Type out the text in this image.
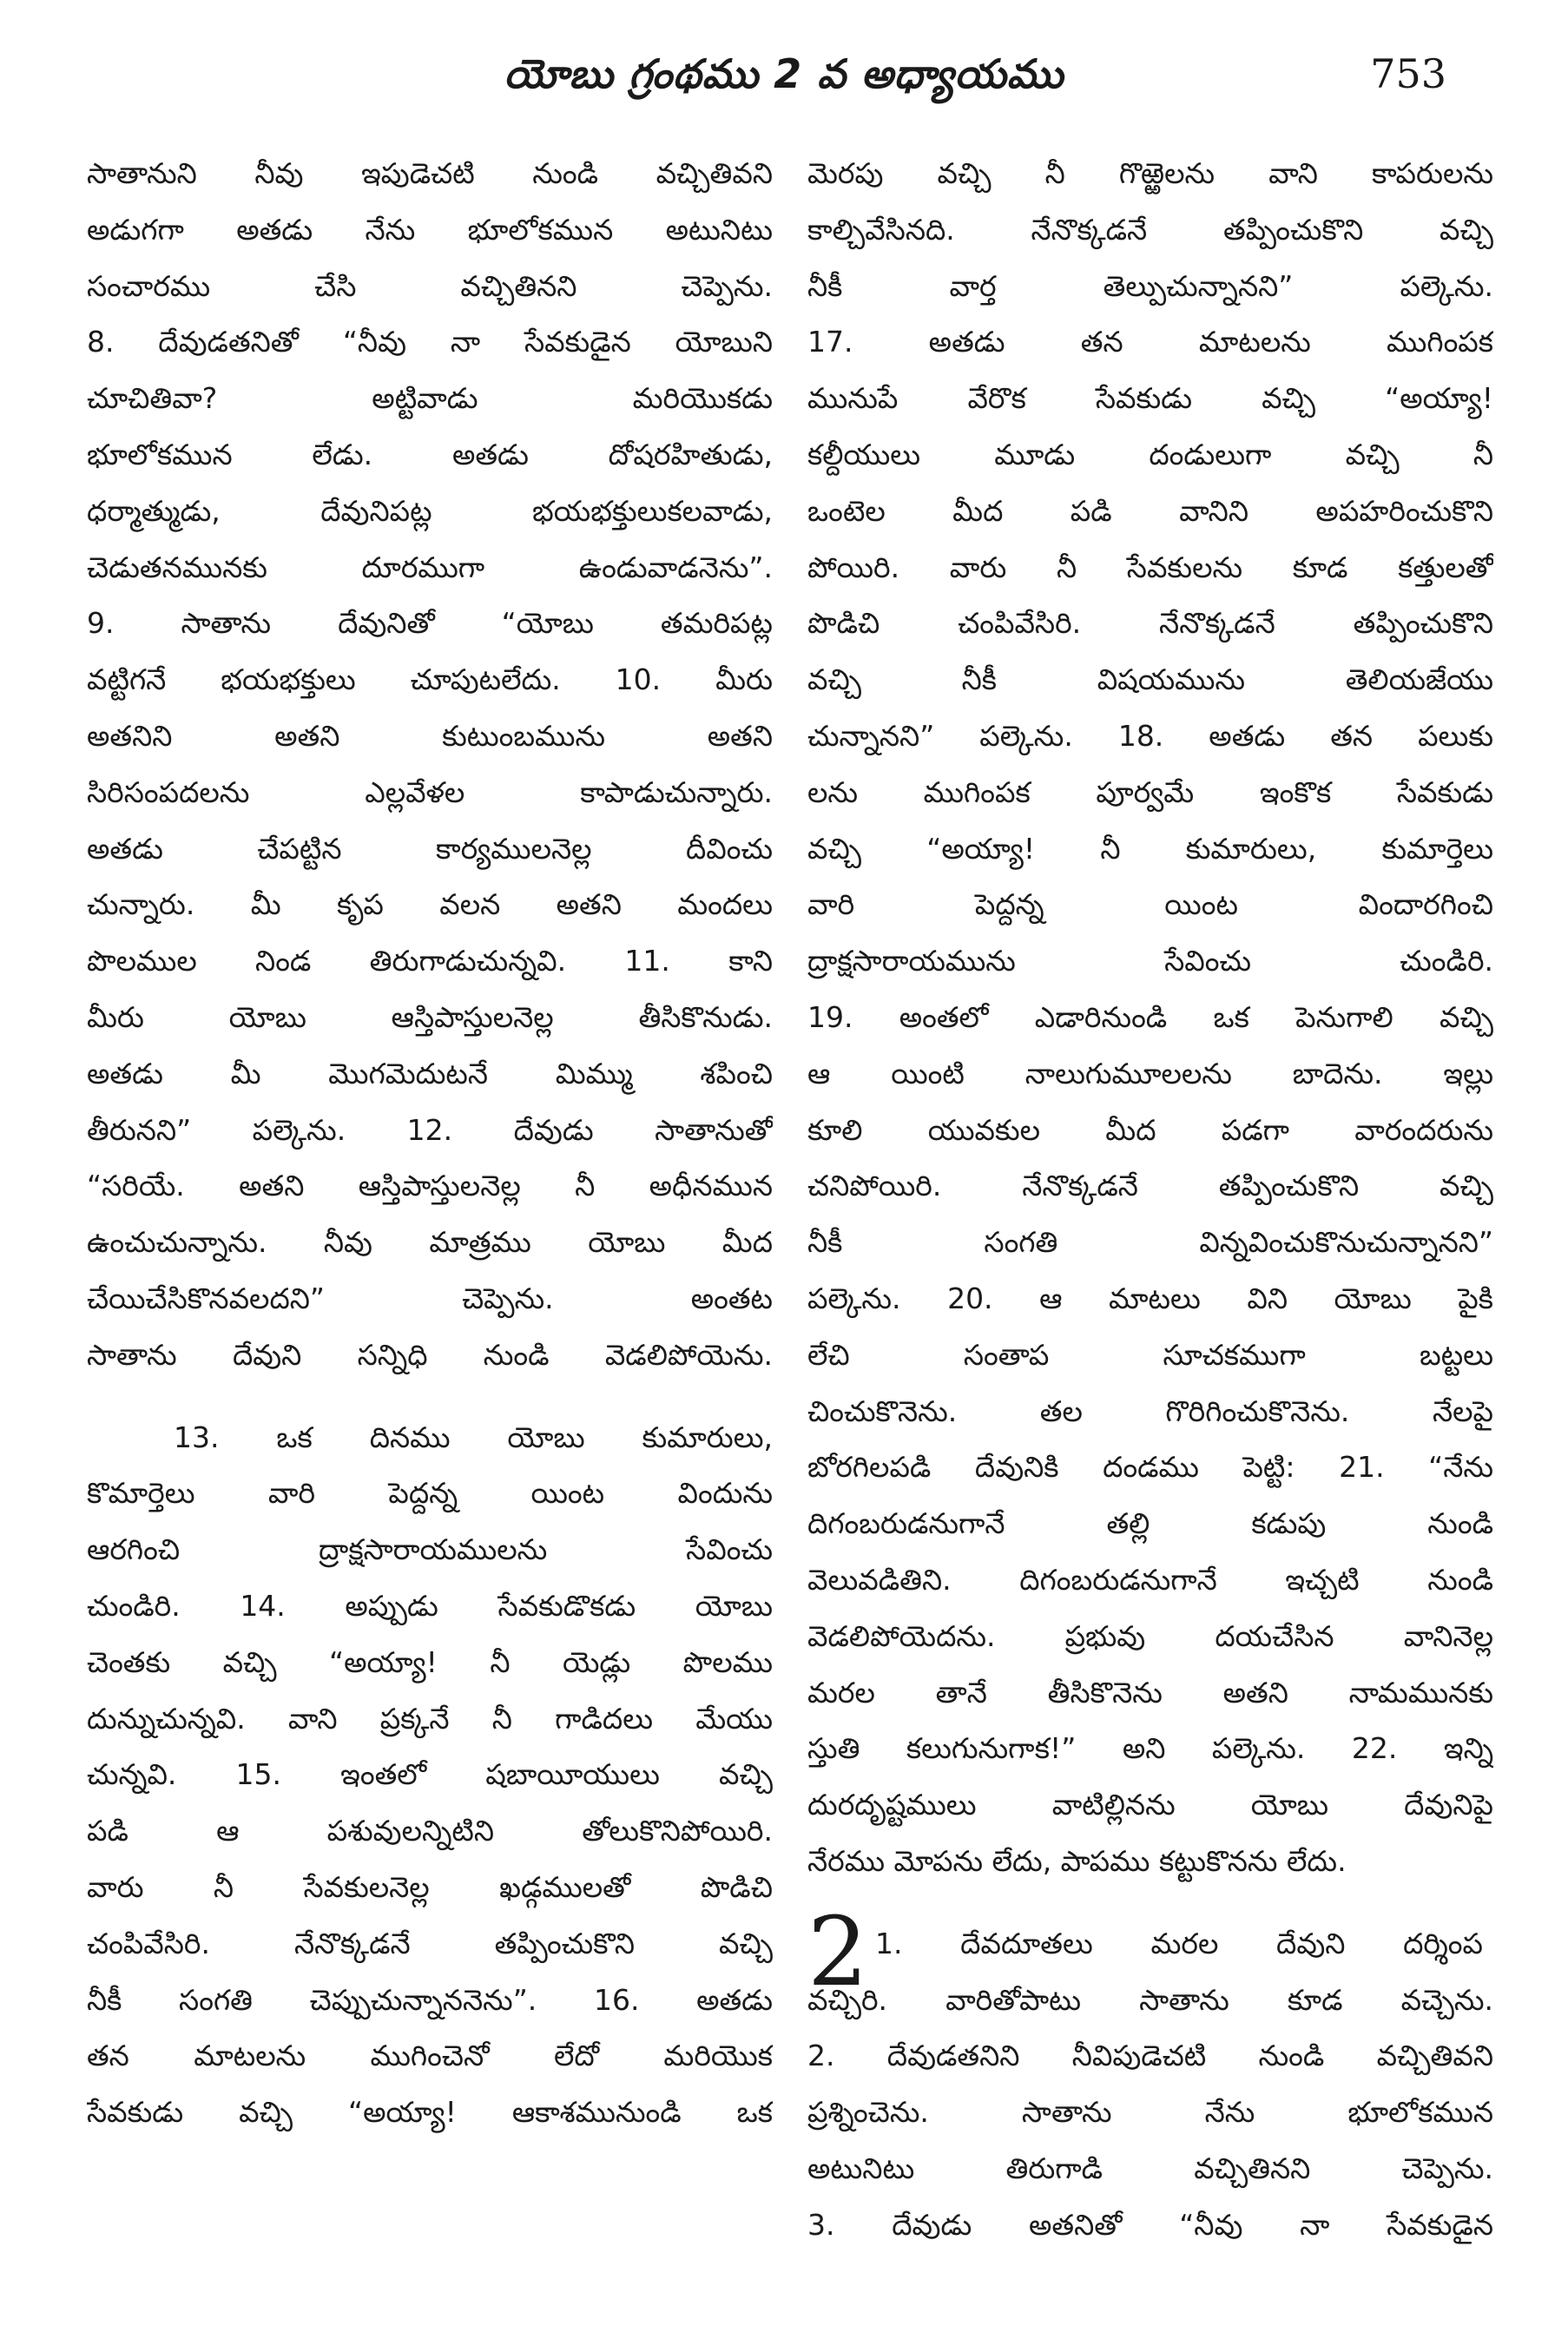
యోబు గ్రంథము 2 వ అధ్యాయము	753
సాతానుని నీవు ఇపుడెచటి నుండి వచ్చితివని
అడుగగా అతడు నేను భూలోకమున అటునిటు
సంచారము చేసి వచ్చితినని చెప్పెను.
8. దేవుడతనితో “నీవు నా సేవకుడైన యోబుని
చూచితివా? అట్టివాడు మరియొకడు
భూలోకమున లేడు. అతడు దోషరహితుడు,
ధర్మాత్ముడు, దేవునిపట్ల భయభక్తులుకలవాడు,
చెడుతనమునకు దూరముగా ఉండువాడనెను”.
9. సాతాను దేవునితో “యోబు తమరిపట్ల
వట్టిగనే భయభక్తులు చూపుటలేదు. 10. మీరు
అతనిని అతని కుటుంబమును అతని
సిరిసంపదలను ఎల్లవేళల కాపాడుచున్నారు.
అతడు చేపట్టిన కార్యములనెల్ల దీవించు
చున్నారు. మీ కృప వలన అతని మందలు
పొలముల నిండ తిరుగాడుచున్నవి. 11. కాని
మీరు యోబు ఆస్తిపాస్తులనెల్ల తీసికొనుడు.
అతడు మీ మొగమెదుటనే మిమ్ము శపించి
తీరునని” పల్కెను. 12. దేవుడు సాతానుతో
“సరియే. అతని ఆస్తిపాస్తులనెల్ల నీ అధీనమున
ఉంచుచున్నాను. నీవు మాత్రము యోబు మీద
చేయిచేసికొనవలదని” చెప్పెను. అంతట
సాతాను దేవుని సన్నిధి నుండి వెడలిపోయెను.
13. ఒక దినము యోబు కుమారులు,
కొమార్తెలు వారి పెద్దన్న యింట విందును
ఆరగించి ద్రాక్షసారాయములను సేవించు
చుండిరి. 14. అప్పుడు సేవకుడొకడు యోబు
చెంతకు వచ్చి “అయ్యా! నీ యెడ్లు పొలము
దున్నుచున్నవి. వాని ప్రక్కనే నీ గాడిదలు మేయు
చున్నవి. 15. ఇంతలో షబాయీయులు వచ్చి
పడి ఆ పశువులన్నిటిని తోలుకొనిపోయిరి.
వారు నీ సేవకులనెల్ల ఖడ్గములతో పొడిచి
చంపివేసిరి. నేనొక్కడనే తప్పించుకొని వచ్చి
నీకీ సంగతి చెప్పుచున్నాననెను”. 16. అతడు
తన మాటలను ముగించెనో లేదో మరియొక
సేవకుడు వచ్చి “అయ్యా! ఆకాశమునుండి ఒక
మెరపు వచ్చి నీ గొఱ్ఱెలను వాని కాపరులను
కాల్చివేసినది. నేనొక్కడనే తప్పించుకొని వచ్చి
నీకీ వార్త తెల్పుచున్నానని” పల్కెను.
17. అతడు తన మాటలను ముగింపక
మునుపే వేరొక సేవకుడు వచ్చి “అయ్యా!
కల్దీయులు మూడు దండులుగా వచ్చి నీ
ఒంటెల మీద పడి వానిని అపహరించుకొని
పోయిరి. వారు నీ సేవకులను కూడ కత్తులతో
పొడిచి చంపివేసిరి. నేనొక్కడనే తప్పించుకొని
వచ్చి నీకీ విషయమును తెలియజేయు
చున్నానని” పల్కెను. 18. అతడు తన పలుకు
లను ముగింపక పూర్వమే ఇంకొక సేవకుడు
వచ్చి “అయ్యా! నీ కుమారులు, కుమార్తెలు
వారి పెద్దన్న యింట విందారగించి
ద్రాక్షసారాయమును సేవించు చుండిరి.
19. అంతలో ఎడారినుండి ఒక పెనుగాలి వచ్చి
ఆ యింటి నాలుగుమూలలను బాదెను. ఇల్లు
కూలి యువకుల మీద పడగా వారందరును
చనిపోయిరి. నేనొక్కడనే తప్పించుకొని వచ్చి
నీకీ సంగతి విన్నవించుకొనుచున్నానని”
పల్కెను. 20. ఆ మాటలు విని యోబు పైకి
లేచి సంతాప సూచకముగా బట్టలు
చించుకొనెను. తల గొరిగించుకొనెను. నేలపై
బోరగిలపడి దేవునికి దండము పెట్టి: 21. “నేను
దిగంబరుడనుగానే తల్లి కడుపు నుండి
వెలువడితిని. దిగంబరుడనుగానే ఇచ్చటి నుండి
వెడలిపోయెదను. ప్రభువు దయచేసిన వానినెల్ల
మరల తానే తీసికొనెను అతని నామమునకు
స్తుతి కలుగునుగాక!” అని పల్కెను. 22. ఇన్ని
దురదృష్టములు వాటిల్లినను యోబు దేవునిపై
నేరము మోపను లేదు, పాపము కట్టుకొనను లేదు.
2 1. దేవదూతలు మరల దేవుని దర్శింప
వచ్చిరి. వారితోపాటు సాతాను కూడ వచ్చెను.
2. దేవుడతనిని నీవిపుడెచటి నుండి వచ్చితివని
ప్రశ్నించెను. సాతాను నేను భూలోకమున
అటునిటు తిరుగాడి వచ్చితినని చెప్పెను.
3. దేవుడు అతనితో “నీవు నా సేవకుడైన
